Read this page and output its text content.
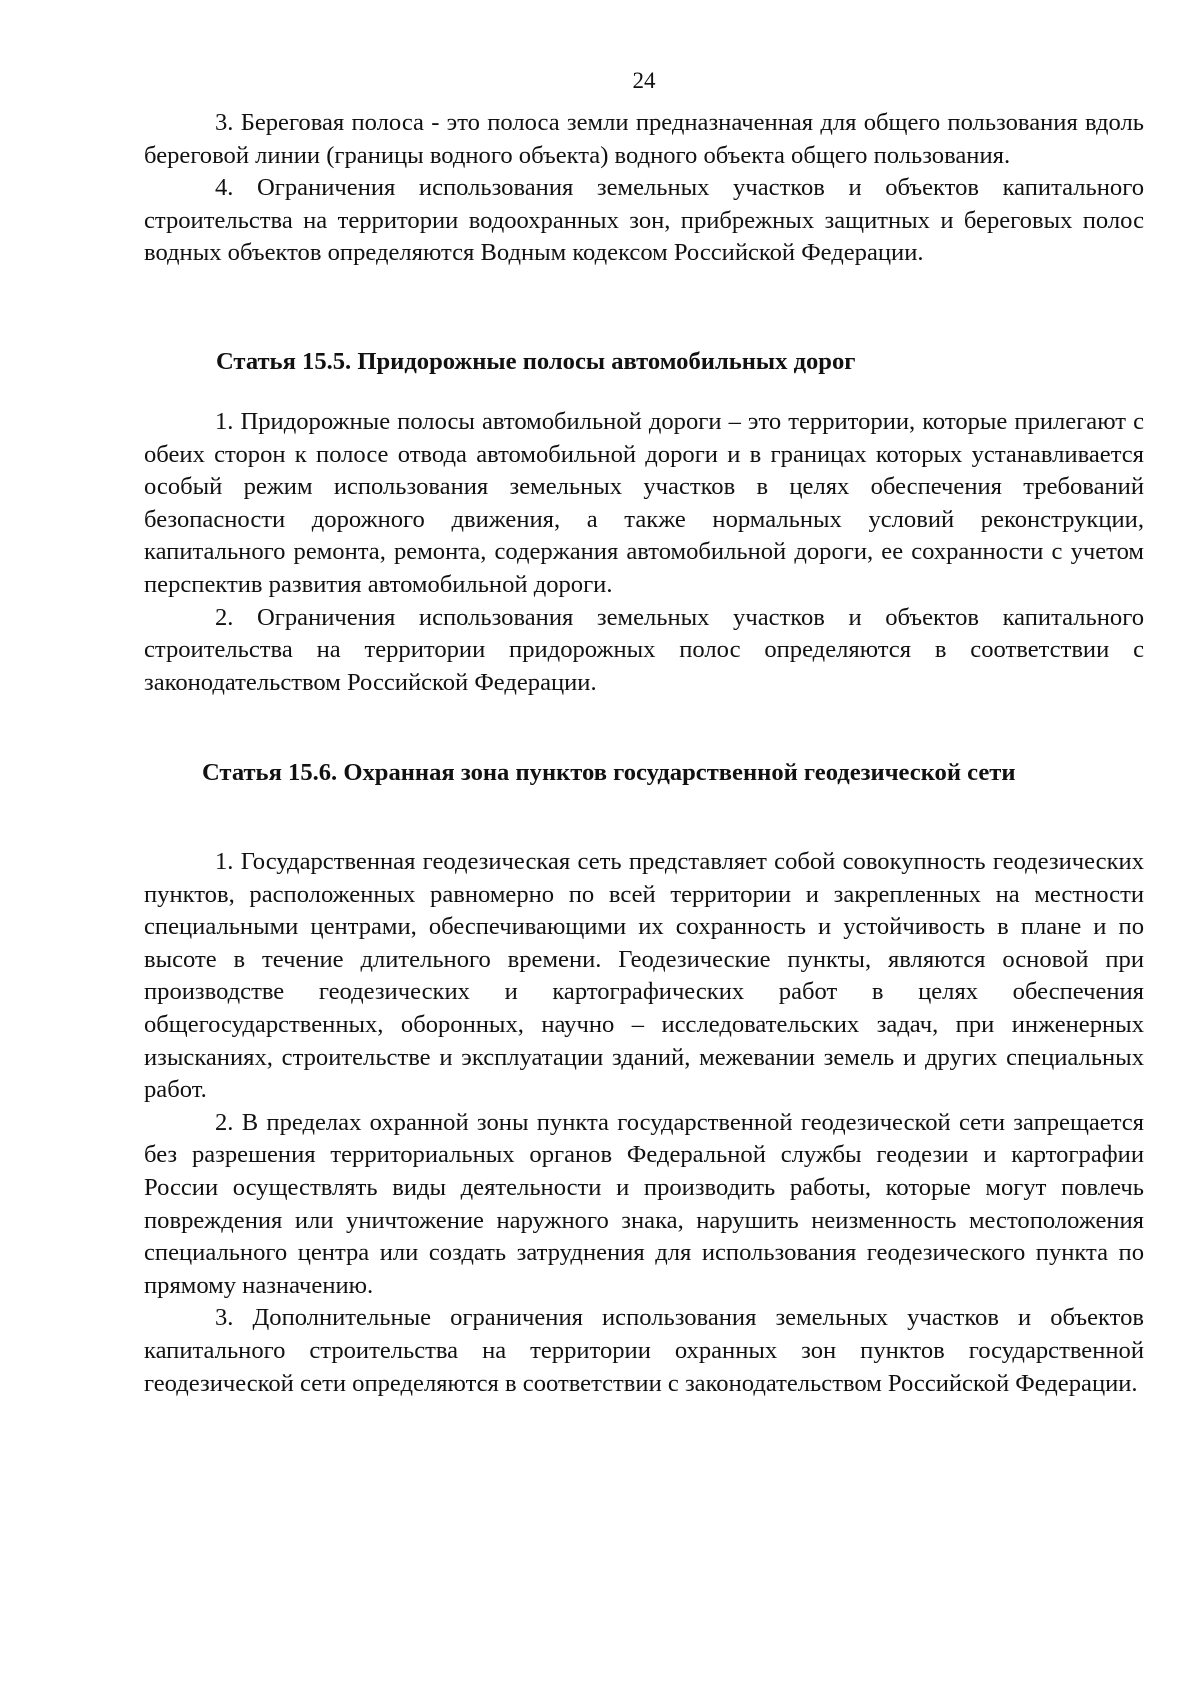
24

3. Береговая полоса - это полоса земли предназначенная для общего пользования вдоль береговой линии (границы водного объекта) водного объекта общего пользования.

4. Ограничения использования земельных участков и объектов капитального строительства на территории водоохранных зон, прибрежных защитных и береговых полос водных объектов определяются Водным кодексом Российской Федерации.

Статья 15.5. Придорожные полосы автомобильных дорог

1. Придорожные полосы автомобильной дороги – это территории, которые прилегают с обеих сторон к полосе отвода автомобильной дороги и в границах которых устанавливается особый режим использования земельных участков в целях обеспечения требований безопасности дорожного движения, а также нормальных условий реконструкции, капитального ремонта, ремонта, содержания автомобильной дороги, ее сохранности с учетом перспектив развития автомобильной дороги.

2. Ограничения использования земельных участков и объектов капитального строительства на территории придорожных полос определяются в соответствии с законодательством Российской Федерации.

Статья 15.6. Охранная зона пунктов государственной геодезической сети

1. Государственная геодезическая сеть представляет собой совокупность геодезических пунктов, расположенных равномерно по всей территории и закрепленных на местности специальными центрами, обеспечивающими их сохранность и устойчивость в плане и по высоте в течение длительного времени. Геодезические пункты, являются основой при производстве геодезических и картографических работ в целях обеспечения общегосударственных, оборонных, научно – исследовательских задач, при инженерных изысканиях, строительстве и эксплуатации зданий, межевании земель и других специальных работ.

2. В пределах охранной зоны пункта государственной геодезической сети запрещается без разрешения территориальных органов Федеральной службы геодезии и картографии России осуществлять виды деятельности и производить работы, которые могут повлечь повреждения или уничтожение наружного знака, нарушить неизменность местоположения специального центра или создать затруднения для использования геодезического пункта по прямому назначению.

3. Дополнительные ограничения использования земельных участков и объектов капитального строительства на территории охранных зон пунктов государственной геодезической сети определяются в соответствии с законодательством Российской Федерации.
